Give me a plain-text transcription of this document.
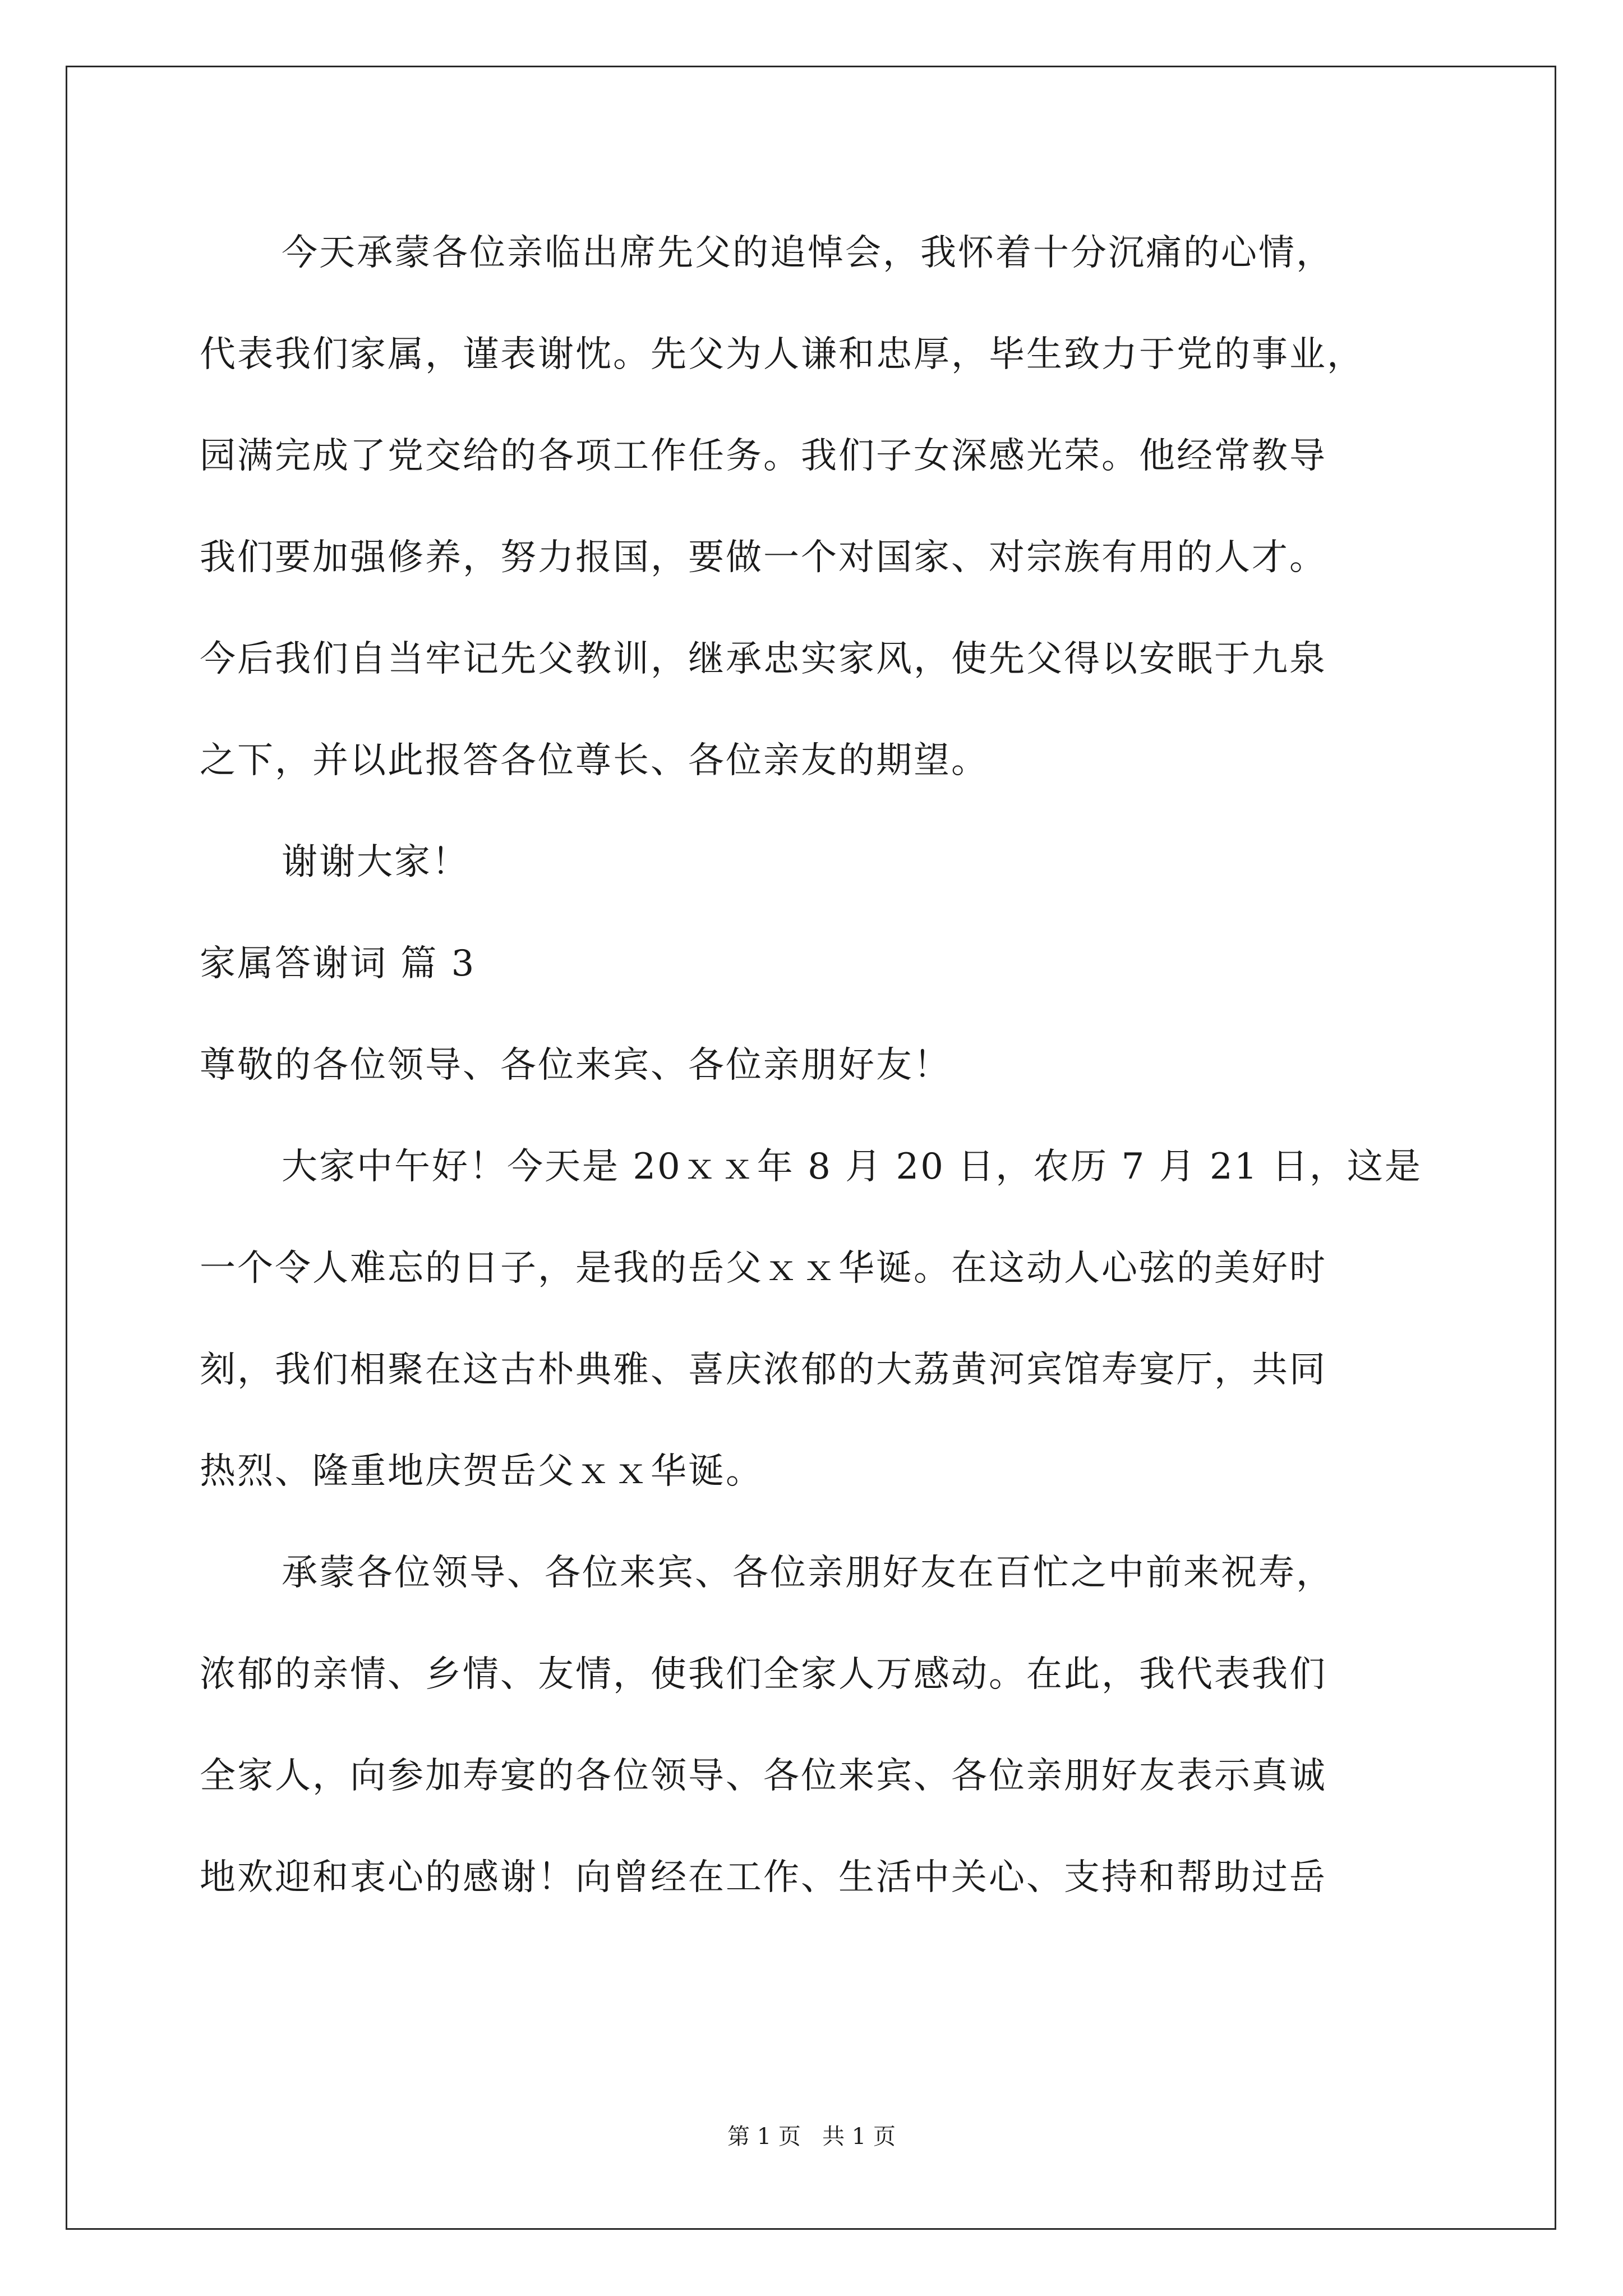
今天承蒙各位亲临出席先父的追悼会，我怀着十分沉痛的心情，
代表我们家属，谨表谢忱。先父为人谦和忠厚，毕生致力于党的事业，
园满完成了党交给的各项工作任务。我们子女深感光荣。他经常教导
我们要加强修养，努力报国，要做一个对国家、对宗族有用的人才。
今后我们自当牢记先父教训，继承忠实家风，使先父得以安眠于九泉
之下，并以此报答各位尊长、各位亲友的期望。
谢谢大家！
家属答谢词 篇 3
尊敬的各位领导、各位来宾、各位亲朋好友！
大家中午好！今天是 20ｘｘ年 8 月 20 日，农历 7 月 21 日，这是
一个令人难忘的日子，是我的岳父ｘｘ华诞。在这动人心弦的美好时
刻，我们相聚在这古朴典雅、喜庆浓郁的大荔黄河宾馆寿宴厅，共同
热烈、隆重地庆贺岳父ｘｘ华诞。
承蒙各位领导、各位来宾、各位亲朋好友在百忙之中前来祝寿，
浓郁的亲情、乡情、友情，使我们全家人万感动。在此，我代表我们
全家人，向参加寿宴的各位领导、各位来宾、各位亲朋好友表示真诚
地欢迎和衷心的感谢！向曾经在工作、生活中关心、支持和帮助过岳
第 1 页   共 1 页
